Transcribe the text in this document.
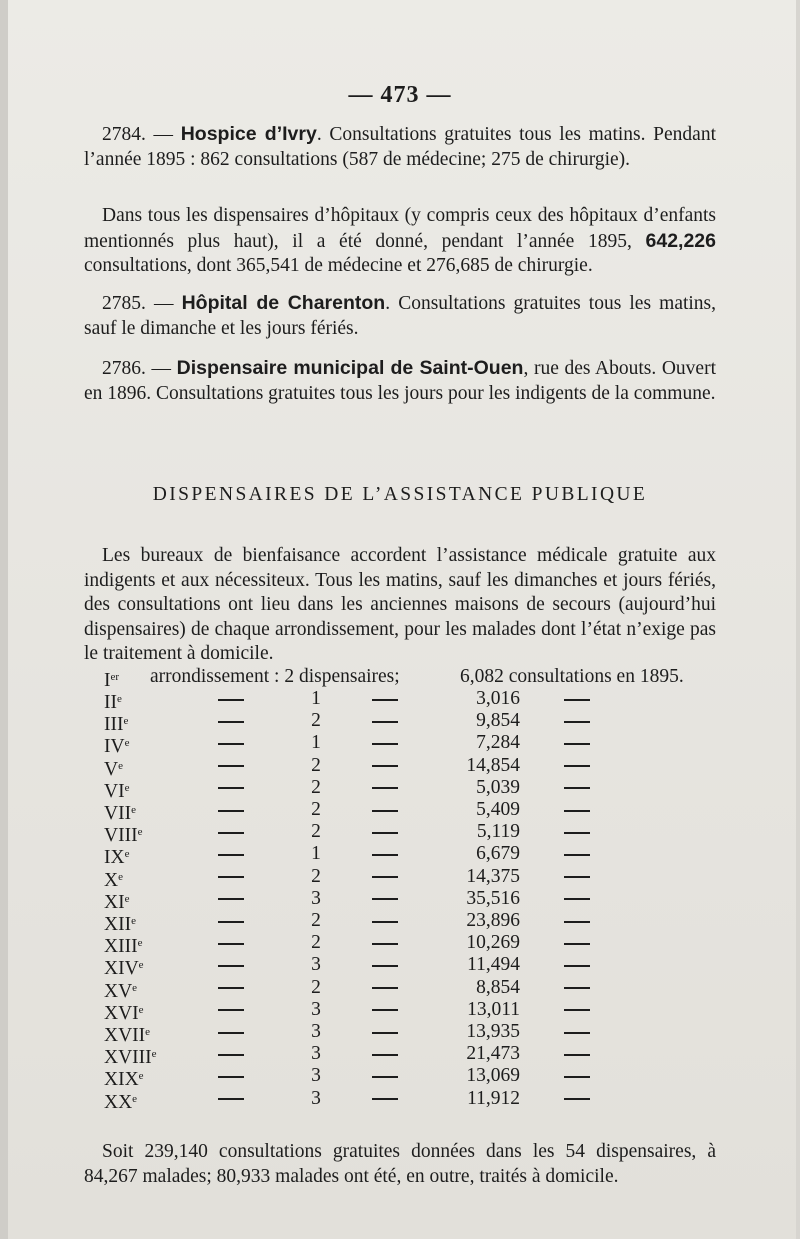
— 473 —
2784. — Hospice d’Ivry. Consultations gratuites tous les matins. Pendant l’année 1895 : 862 consultations (587 de médecine; 275 de chirurgie).
Dans tous les dispensaires d’hôpitaux (y compris ceux des hôpitaux d’enfants mentionnés plus haut), il a été donné, pendant l’année 1895, 642,226 consultations, dont 365,541 de médecine et 276,685 de chirurgie.
2785. — Hôpital de Charenton. Consultations gratuites tous les matins, sauf le dimanche et les jours fériés.
2786. — Dispensaire municipal de Saint-Ouen, rue des Abouts. Ouvert en 1896. Consultations gratuites tous les jours pour les indigents de la commune.
DISPENSAIRES DE L’ASSISTANCE PUBLIQUE
Les bureaux de bienfaisance accordent l’assistance médicale gratuite aux indigents et aux nécessiteux. Tous les matins, sauf les dimanches et jours fériés, des consultations ont lieu dans les anciennes maisons de secours (aujourd’hui dispensaires) de chaque arrondissement, pour les malades dont l’état n’exige pas le traitement à domicile.
Ier arrondissement : 2 dispensaires;	6,082 consultations en 1895.
IIe	1	3,016
IIIe	2	9,854
IVe	1	7,284
Ve	2	14,854
VIe	2	5,039
VIIe	2	5,409
VIIIe	2	5,119
IXe	1	6,679
Xe	2	14,375
XIe	3	35,516
XIIe	2	23,896
XIIIe	2	10,269
XIVe	3	11,494
XVe	2	8,854
XVIe	3	13,011
XVIIe	3	13,935
XVIIIe	3	21,473
XIXe	3	13,069
XXe	3	11,912
Soit 239,140 consultations gratuites données dans les 54 dispensaires, à 84,267 malades; 80,933 malades ont été, en outre, traités à domicile.
